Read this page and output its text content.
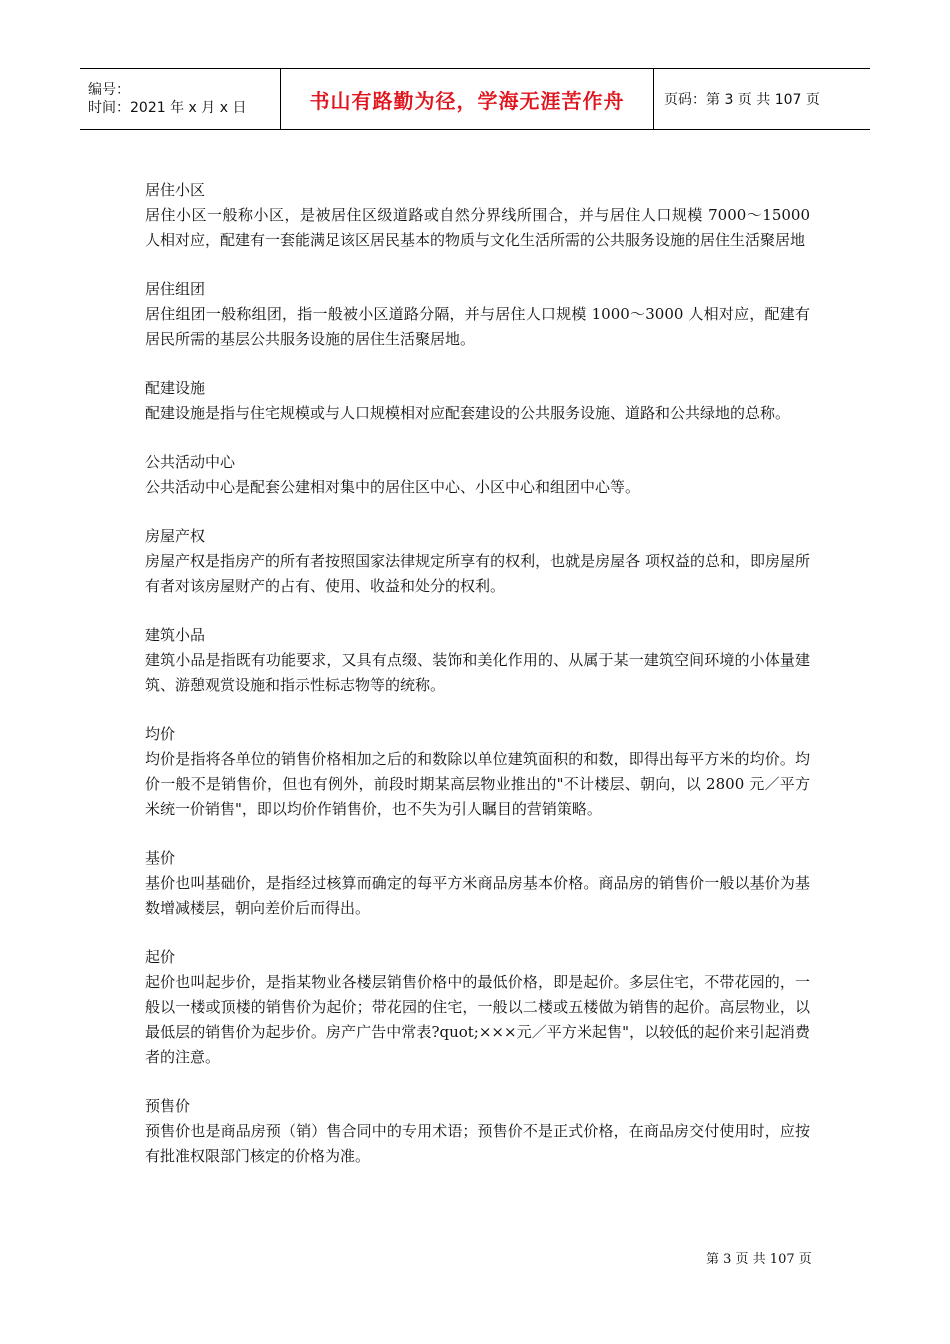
编号：
时间：2021 年 x 月 x 日	书山有路勤为径，学海无涯苦作舟	页码：第 3 页 共 107 页

居住小区

居住小区一般称小区，是被居住区级道路或自然分界线所围合，并与居住人口规模 7000～15000 人相对应，配建有一套能满足该区居民基本的物质与文化生活所需的公共服务设施的居住生活聚居地

居住组团

居住组团一般称组团，指一般被小区道路分隔，并与居住人口规模 1000～3000 人相对应，配建有居民所需的基层公共服务设施的居住生活聚居地。

配建设施

配建设施是指与住宅规模或与人口规模相对应配套建设的公共服务设施、道路和公共绿地的总称。

公共活动中心

公共活动中心是配套公建相对集中的居住区中心、小区中心和组团中心等。

房屋产权

房屋产权是指房产的所有者按照国家法律规定所享有的权利，也就是房屋各 项权益的总和，即房屋所有者对该房屋财产的占有、使用、收益和处分的权利。

建筑小品

建筑小品是指既有功能要求，又具有点缀、装饰和美化作用的、从属于某一建筑空间环境的小体量建筑、游憩观赏设施和指示性标志物等的统称。

均价

均价是指将各单位的销售价格相加之后的和数除以单位建筑面积的和数，即得出每平方米的均价。均价一般不是销售价，但也有例外，前段时期某高层物业推出的"不计楼层、朝向，以 2800 元／平方米统一价销售"，即以均价作销售价，也不失为引人瞩目的营销策略。

基价

基价也叫基础价，是指经过核算而确定的每平方米商品房基本价格。商品房的销售价一般以基价为基数增减楼层，朝向差价后而得出。

起价

起价也叫起步价，是指某物业各楼层销售价格中的最低价格，即是起价。多层住宅，不带花园的，一般以一楼或顶楼的销售价为起价；带花园的住宅，一般以二楼或五楼做为销售的起价。高层物业，以最低层的销售价为起步价。房产广告中常表?quot;×××元／平方米起售"，以较低的起价来引起消费者的注意。

预售价

预售价也是商品房预（销）售合同中的专用术语；预售价不是正式价格，在商品房交付使用时，应按有批准权限部门核定的价格为准。

第 3 页 共 107 页
